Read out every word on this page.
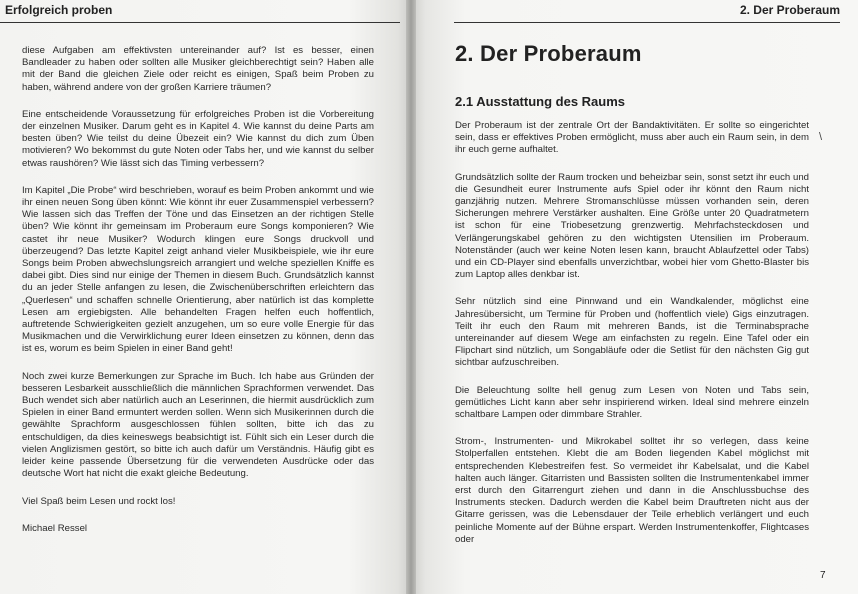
Erfolgreich proben	2. Der Proberaum

diese Aufgaben am effektivsten untereinander auf? Ist es besser, einen Bandleader zu haben oder sollten alle Musiker gleichberechtigt sein? Haben alle mit der Band die gleichen Ziele oder reicht es einigen, Spaß beim Proben zu haben, während andere von der großen Karriere träumen?

Eine entscheidende Voraussetzung für erfolgreiches Proben ist die Vorbereitung der einzelnen Musiker. Darum geht es in Kapitel 4. Wie kannst du deine Parts am besten üben? Wie teilst du deine Übezeit ein? Wie kannst du dich zum Üben motivieren? Wo bekommst du gute Noten oder Tabs her, und wie kannst du selber etwas raushören? Wie lässt sich das Timing verbessern?

Im Kapitel „Die Probe“ wird beschrieben, worauf es beim Proben ankommt und wie ihr einen neuen Song üben könnt: Wie könnt ihr euer Zusammenspiel verbessern? Wie lassen sich das Treffen der Töne und das Einsetzen an der richtigen Stelle üben? Wie könnt ihr gemeinsam im Proberaum eure Songs komponieren? Wie castet ihr neue Musiker? Wodurch klingen eure Songs druckvoll und überzeugend? Das letzte Kapitel zeigt anhand vieler Musikbeispiele, wie ihr eure Songs beim Proben abwechslungsreich arrangiert und welche speziellen Kniffe es dabei gibt. Dies sind nur einige der Themen in diesem Buch. Grundsätzlich kannst du an jeder Stelle anfangen zu lesen, die Zwischenüberschriften erleichtern das „Querlesen“ und schaffen schnelle Orientierung, aber natürlich ist das komplette Lesen am ergiebigsten. Alle behandelten Fragen helfen euch hoffentlich, auftretende Schwierigkeiten gezielt anzugehen, um so eure volle Energie für das Musikmachen und die Verwirklichung eurer Ideen einsetzen zu können, denn das ist es, worum es beim Spielen in einer Band geht!

Noch zwei kurze Bemerkungen zur Sprache im Buch. Ich habe aus Gründen der besseren Lesbarkeit ausschließlich die männlichen Sprachformen verwendet. Das Buch wendet sich aber natürlich auch an Leserinnen, die hiermit ausdrücklich zum Spielen in einer Band ermuntert werden sollen. Wenn sich Musikerinnen durch die gewählte Sprachform ausgeschlossen fühlen sollten, bitte ich das zu entschuldigen, da dies keineswegs beabsichtigt ist. Fühlt sich ein Leser durch die vielen Anglizismen gestört, so bitte ich auch dafür um Verständnis. Häufig gibt es leider keine passende Übersetzung für die verwendeten Ausdrücke oder das deutsche Wort hat nicht die exakt gleiche Bedeutung.

Viel Spaß beim Lesen und rockt los!

Michael Ressel

2. Der Proberaum
2.1 Ausstattung des Raums
\

Der Proberaum ist der zentrale Ort der Bandaktivitäten. Er sollte so eingerichtet sein, dass er effektives Proben ermöglicht, muss aber auch ein Raum sein, in dem ihr euch gerne aufhaltet.

Grundsätzlich sollte der Raum trocken und beheizbar sein, sonst setzt ihr euch und die Gesundheit eurer Instrumente aufs Spiel oder ihr könnt den Raum nicht ganzjährig nutzen. Mehrere Stromanschlüsse müssen vorhanden sein, deren Sicherungen mehrere Verstärker aushalten. Eine Größe unter 20 Quadratmetern ist schon für eine Triobesetzung grenzwertig. Mehrfachsteckdosen und Verlängerungskabel gehören zu den wichtigsten Utensilien im Proberaum. Notenständer (auch wer keine Noten lesen kann, braucht Ablaufzettel oder Tabs) und ein CD-Player sind ebenfalls unverzichtbar, wobei hier vom Ghetto-Blaster bis zum Laptop alles denkbar ist.

Sehr nützlich sind eine Pinnwand und ein Wandkalender, möglichst eine Jahresübersicht, um Termine für Proben und (hoffentlich viele) Gigs einzutragen. Teilt ihr euch den Raum mit mehreren Bands, ist die Terminabsprache untereinander auf diesem Wege am einfachsten zu regeln. Eine Tafel oder ein Flipchart sind nützlich, um Songabläufe oder die Setlist für den nächsten Gig gut sichtbar aufzuschreiben.

Die Beleuchtung sollte hell genug zum Lesen von Noten und Tabs sein, gemütliches Licht kann aber sehr inspirierend wirken. Ideal sind mehrere einzeln schaltbare Lampen oder dimmbare Strahler.

Strom-, Instrumenten- und Mikrokabel solltet ihr so verlegen, dass keine Stolperfallen entstehen. Klebt die am Boden liegenden Kabel möglichst mit entsprechenden Klebestreifen fest. So vermeidet ihr Kabelsalat, und die Kabel halten auch länger. Gitarristen und Bassisten sollten die Instrumentenkabel immer erst durch den Gitarrengurt ziehen und dann in die Anschlussbuchse des Instruments stecken. Dadurch werden die Kabel beim Drauftreten nicht aus der Gitarre gerissen, was die Lebensdauer der Teile erheblich verlängert und euch peinliche Momente auf der Bühne erspart. Werden Instrumentenkoffer, Flightcases oder

7
